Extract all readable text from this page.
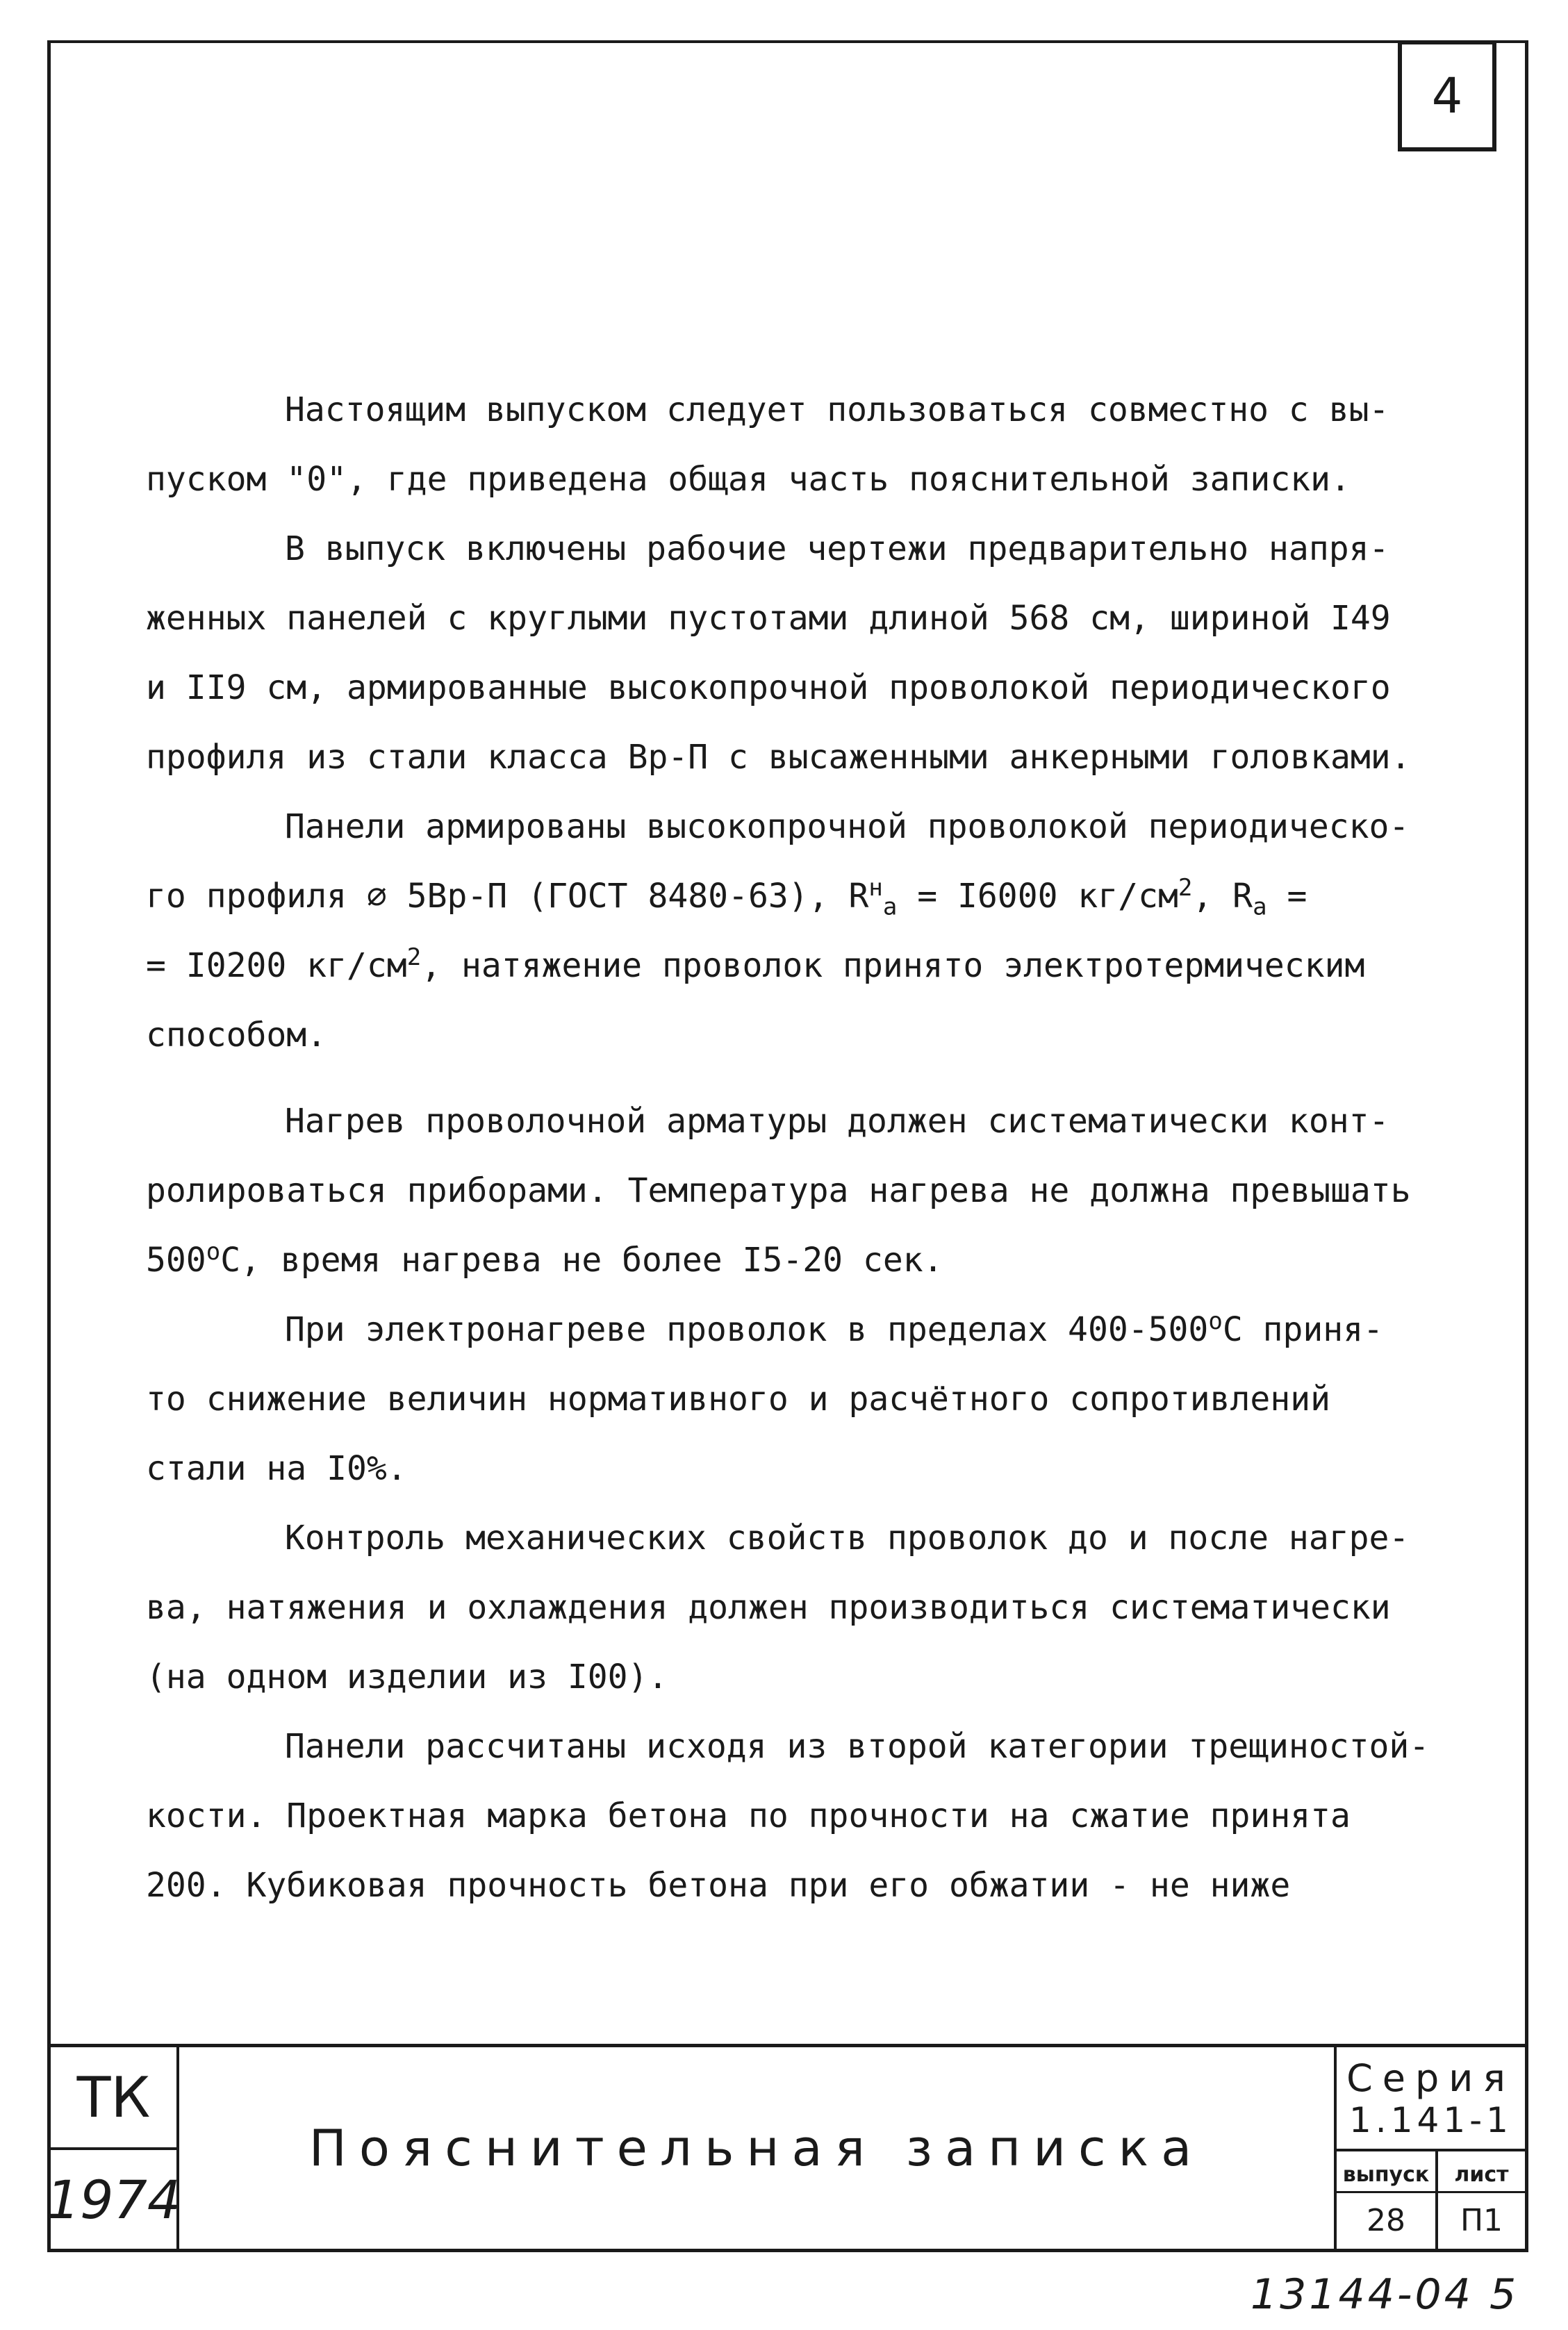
4

Настоящим выпуском следует пользоваться совместно с вы-

пуском "0", где приведена общая часть пояснительной записки.

В выпуск включены рабочие чертежи предварительно напря-

женных панелей с круглыми пустотами длиной 568 см, шириной I49

и II9 см, армированные высокопрочной проволокой периодического

профиля из стали класса Вр-П с высаженными анкерными головками.

Панели армированы высокопрочной проволокой периодическо-

го профиля ⌀ 5Вр-П (ГОСТ 8480-63), $R^н_а = I6000$ $кг/см^2$, $R_а$ =

= I0200 $кг/см^2$, натяжение проволок принято электротермическим

способом.

Нагрев проволочной арматуры должен систематически конт-

ролироваться приборами. Температура нагрева не должна превышать

$500^оС$, время нагрева не более I5-20 сек.

При электронагреве проволок в пределах $400-500^оС$ приня-

то снижение величин нормативного и расчётного сопротивлений

стали на I0%.

Контроль механических свойств проволок до и после нагре-

ва, натяжения и охлаждения должен производиться систематически

(на одном изделии из I00).

Панели рассчитаны исходя из второй категории трещиностой-

кости. Проектная марка бетона по прочности на сжатие принята

200. Кубиковая прочность бетона при его обжатии - не ниже

ТК
1974
Пояснительная записка
Серия
1.141-1
выпуск
28
лист
П1
13144-04 5
